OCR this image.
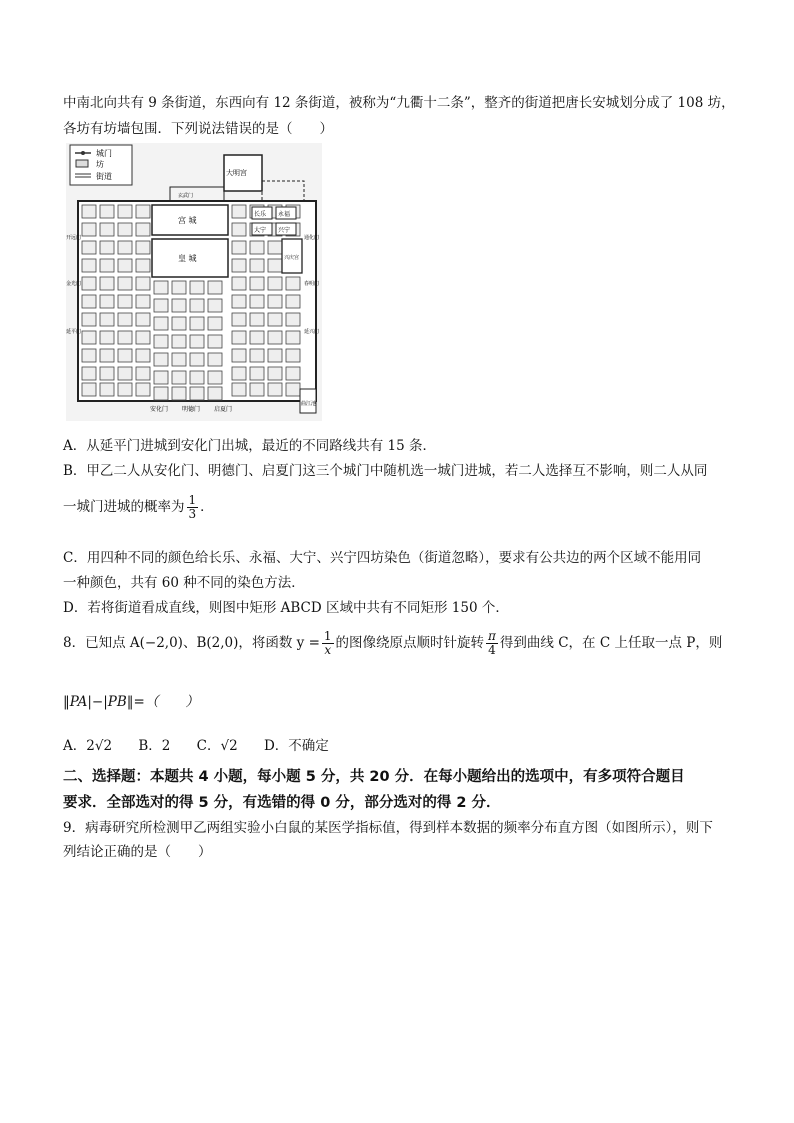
中南北向共有 9 条街道，东西向有 12 条街道，被称为“九衢十二条”，整齐的街道把唐长安城划分成了 108 坊，
各坊有坊墙包围．下列说法错误的是（　　）
城门
坊
街道
宫 城
皇 城
大明宫
玄武门
长乐 永福
大宁 兴宁
兴庆宫
曲江池
开远门
金光门
延平门
通化门
春明门
延兴门
安化门 明德门 启夏门
A．从延平门进城到安化门出城，最近的不同路线共有 15 条．
B．甲乙二人从安化门、明德门、启夏门这三个城门中随机选一城门进城，若二人选择互不影响，则二人从同
一城门进城的概率为 $\frac{1}{3}$ ．
C．用四种不同的颜色给长乐、永福、大宁、兴宁四坊染色（街道忽略），要求有公共边的两个区域不能用同
一种颜色，共有 60 种不同的染色方法．
D．若将街道看成直线，则图中矩形 ABCD 区域中共有不同矩形 150 个．
8．已知点 A(−2,0)、B(2,0)，将函数 $y = \frac{1}{x}$ 的图像绕原点顺时针旋转 $\frac{\pi}{4}$ 得到曲线 C，在 C 上任取一点 P，则
‖PA|−|PB‖=（　　）
A．2√2 B．2 C．√2 D．不确定
二、选择题：本题共 4 小题，每小题 5 分，共 20 分．在每小题给出的选项中，有多项符合题目
要求．全部选对的得 5 分，有选错的得 0 分，部分选对的得 2 分．
9．病毒研究所检测甲乙两组实验小白鼠的某医学指标值，得到样本数据的频率分布直方图（如图所示），则下
列结论正确的是（　　）
